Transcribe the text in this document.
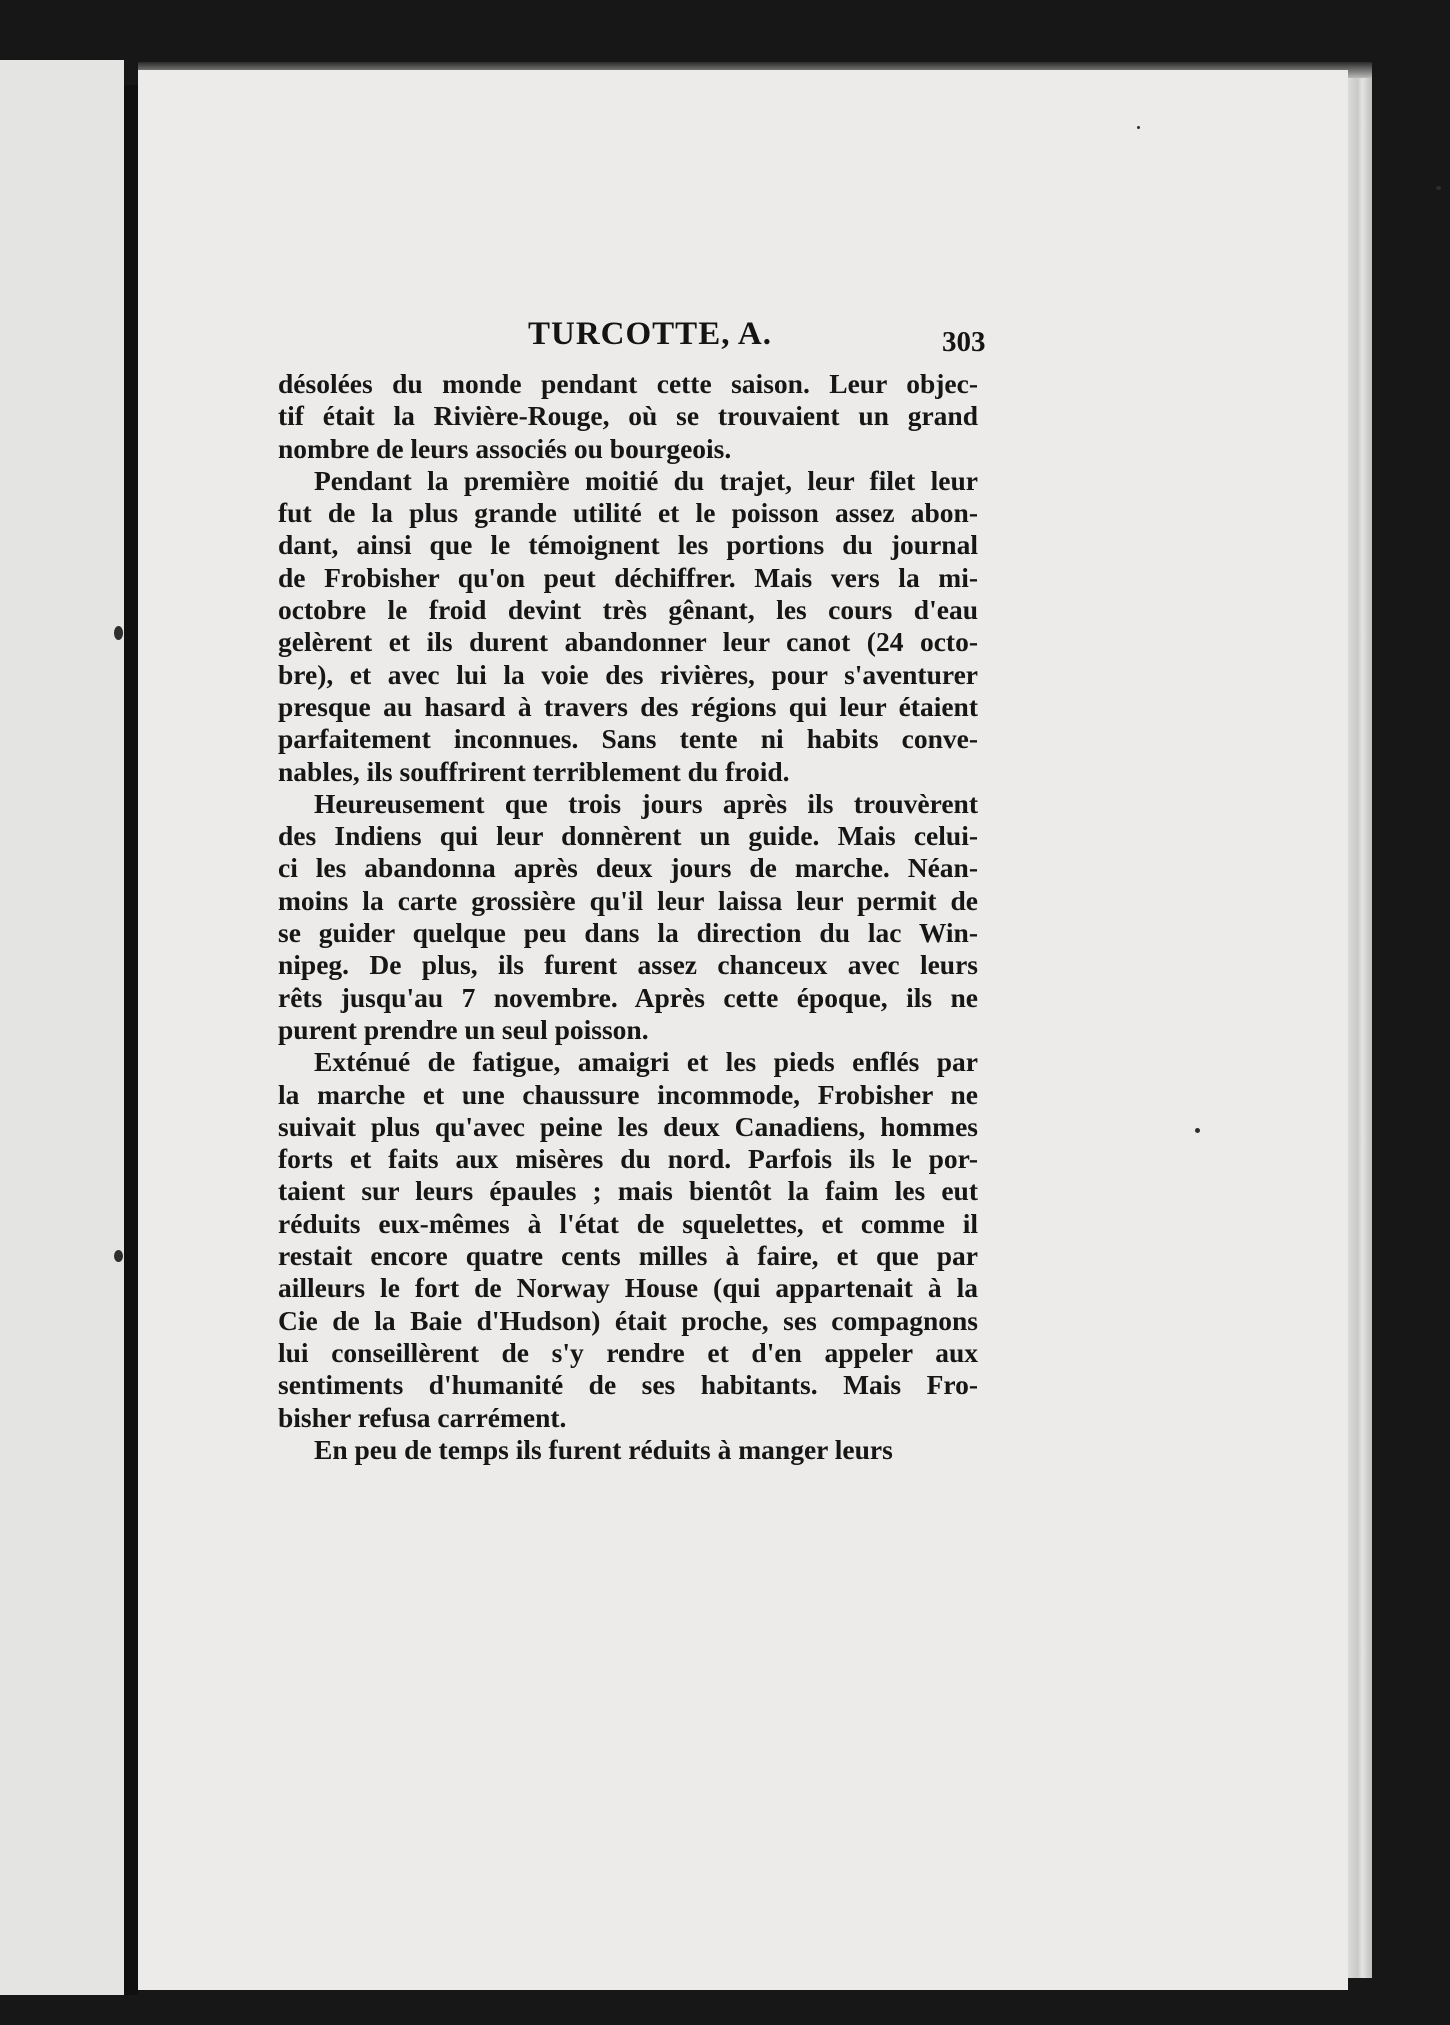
TURCOTTE, A.	303
désolées du monde pendant cette saison. Leur objec-
tif était la Rivière-Rouge, où se trouvaient un grand
nombre de leurs associés ou bourgeois.
Pendant la première moitié du trajet, leur filet leur
fut de la plus grande utilité et le poisson assez abon-
dant, ainsi que le témoignent les portions du journal
de Frobisher qu'on peut déchiffrer. Mais vers la mi-
octobre le froid devint très gênant, les cours d'eau
gelèrent et ils durent abandonner leur canot (24 octo-
bre), et avec lui la voie des rivières, pour s'aventurer
presque au hasard à travers des régions qui leur étaient
parfaitement inconnues. Sans tente ni habits conve-
nables, ils souffrirent terriblement du froid.
Heureusement que trois jours après ils trouvèrent
des Indiens qui leur donnèrent un guide. Mais celui-
ci les abandonna après deux jours de marche. Néan-
moins la carte grossière qu'il leur laissa leur permit de
se guider quelque peu dans la direction du lac Win-
nipeg. De plus, ils furent assez chanceux avec leurs
rêts jusqu'au 7 novembre. Après cette époque, ils ne
purent prendre un seul poisson.
Exténué de fatigue, amaigri et les pieds enflés par
la marche et une chaussure incommode, Frobisher ne
suivait plus qu'avec peine les deux Canadiens, hommes
forts et faits aux misères du nord. Parfois ils le por-
taient sur leurs épaules ; mais bientôt la faim les eut
réduits eux-mêmes à l'état de squelettes, et comme il
restait encore quatre cents milles à faire, et que par
ailleurs le fort de Norway House (qui appartenait à la
Cie de la Baie d'Hudson) était proche, ses compagnons
lui conseillèrent de s'y rendre et d'en appeler aux
sentiments d'humanité de ses habitants. Mais Fro-
bisher refusa carrément.
En peu de temps ils furent réduits à manger leurs
